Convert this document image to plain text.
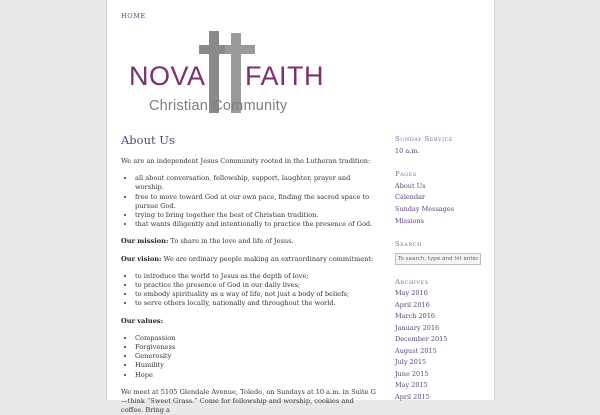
HOME
NOVA FAITH
Christian Community
About Us

We are an independent Jesus Community rooted in the Lutheran tradition:

• all about conversation, fellowship, support, laughter, prayer and worship.
• free to move toward God at our own pace, finding the sacred space to pursue God.
• trying to bring together the best of Christian tradition.
• that wants diligently and intentionally to practice the presence of God.

Our mission: To share in the love and life of Jesus.

Our vision: We are ordinary people making an extraordinary commitment:

• to introduce the world to Jesus as the depth of love;
• to practice the presence of God in our daily lives;
• to embody spirituality as a way of life, not just a body of beliefs;
• to serve others locally, nationally and throughout the world.

Our values:

• Compassion
• Forgiveness
• Generosity
• Humility
• Hope

We meet at 5105 Glendale Avenue, Toledo, on Sundays at 10 a.m. in Suite G—think “Sweet Grass.” Come for fellowship and worship, cookies and coffee. Bring a

Sunday Service
10 a.m.
Pages
About Us
Calendar
Sunday Messages
Missions
Search
To search, type and hit enter
Archives
May 2016
April 2016
March 2016
January 2016
December 2015
August 2015
July 2015
June 2015
May 2015
April 2015
